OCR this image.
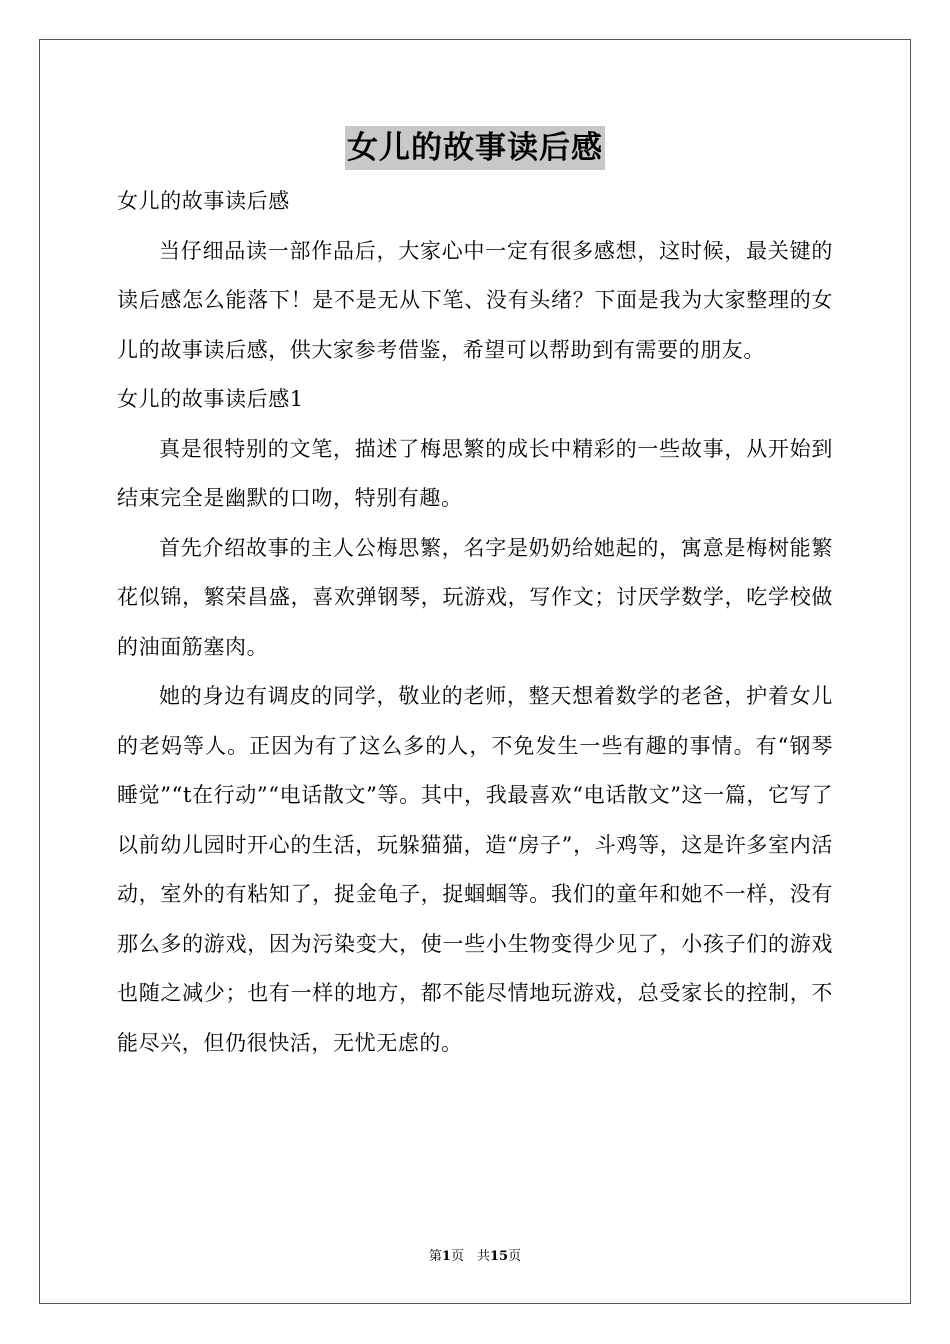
女儿的故事读后感

女儿的故事读后感

当仔细品读一部作品后，大家心中一定有很多感想，这时候，最关键的读后感怎么能落下！是不是无从下笔、没有头绪？下面是我为大家整理的女儿的故事读后感，供大家参考借鉴，希望可以帮助到有需要的朋友。

女儿的故事读后感1

真是很特别的文笔，描述了梅思繁的成长中精彩的一些故事，从开始到结束完全是幽默的口吻，特别有趣。

首先介绍故事的主人公梅思繁，名字是奶奶给她起的，寓意是梅树能繁花似锦，繁荣昌盛，喜欢弹钢琴，玩游戏，写作文；讨厌学数学，吃学校做的油面筋塞肉。

她的身边有调皮的同学，敬业的老师，整天想着数学的老爸，护着女儿的老妈等人。正因为有了这么多的人，不免发生一些有趣的事情。有“钢琴睡觉”“t在行动”“电话散文”等。其中，我最喜欢“电话散文”这一篇，它写了以前幼儿园时开心的生活，玩躲猫猫，造“房子”，斗鸡等，这是许多室内活动，室外的有粘知了，捉金龟子，捉蝈蝈等。我们的童年和她不一样，没有那么多的游戏，因为污染变大，使一些小生物变得少见了，小孩子们的游戏也随之减少；也有一样的地方，都不能尽情地玩游戏，总受家长的控制，不能尽兴，但仍很快活，无忧无虑的。

第1页　共15页
